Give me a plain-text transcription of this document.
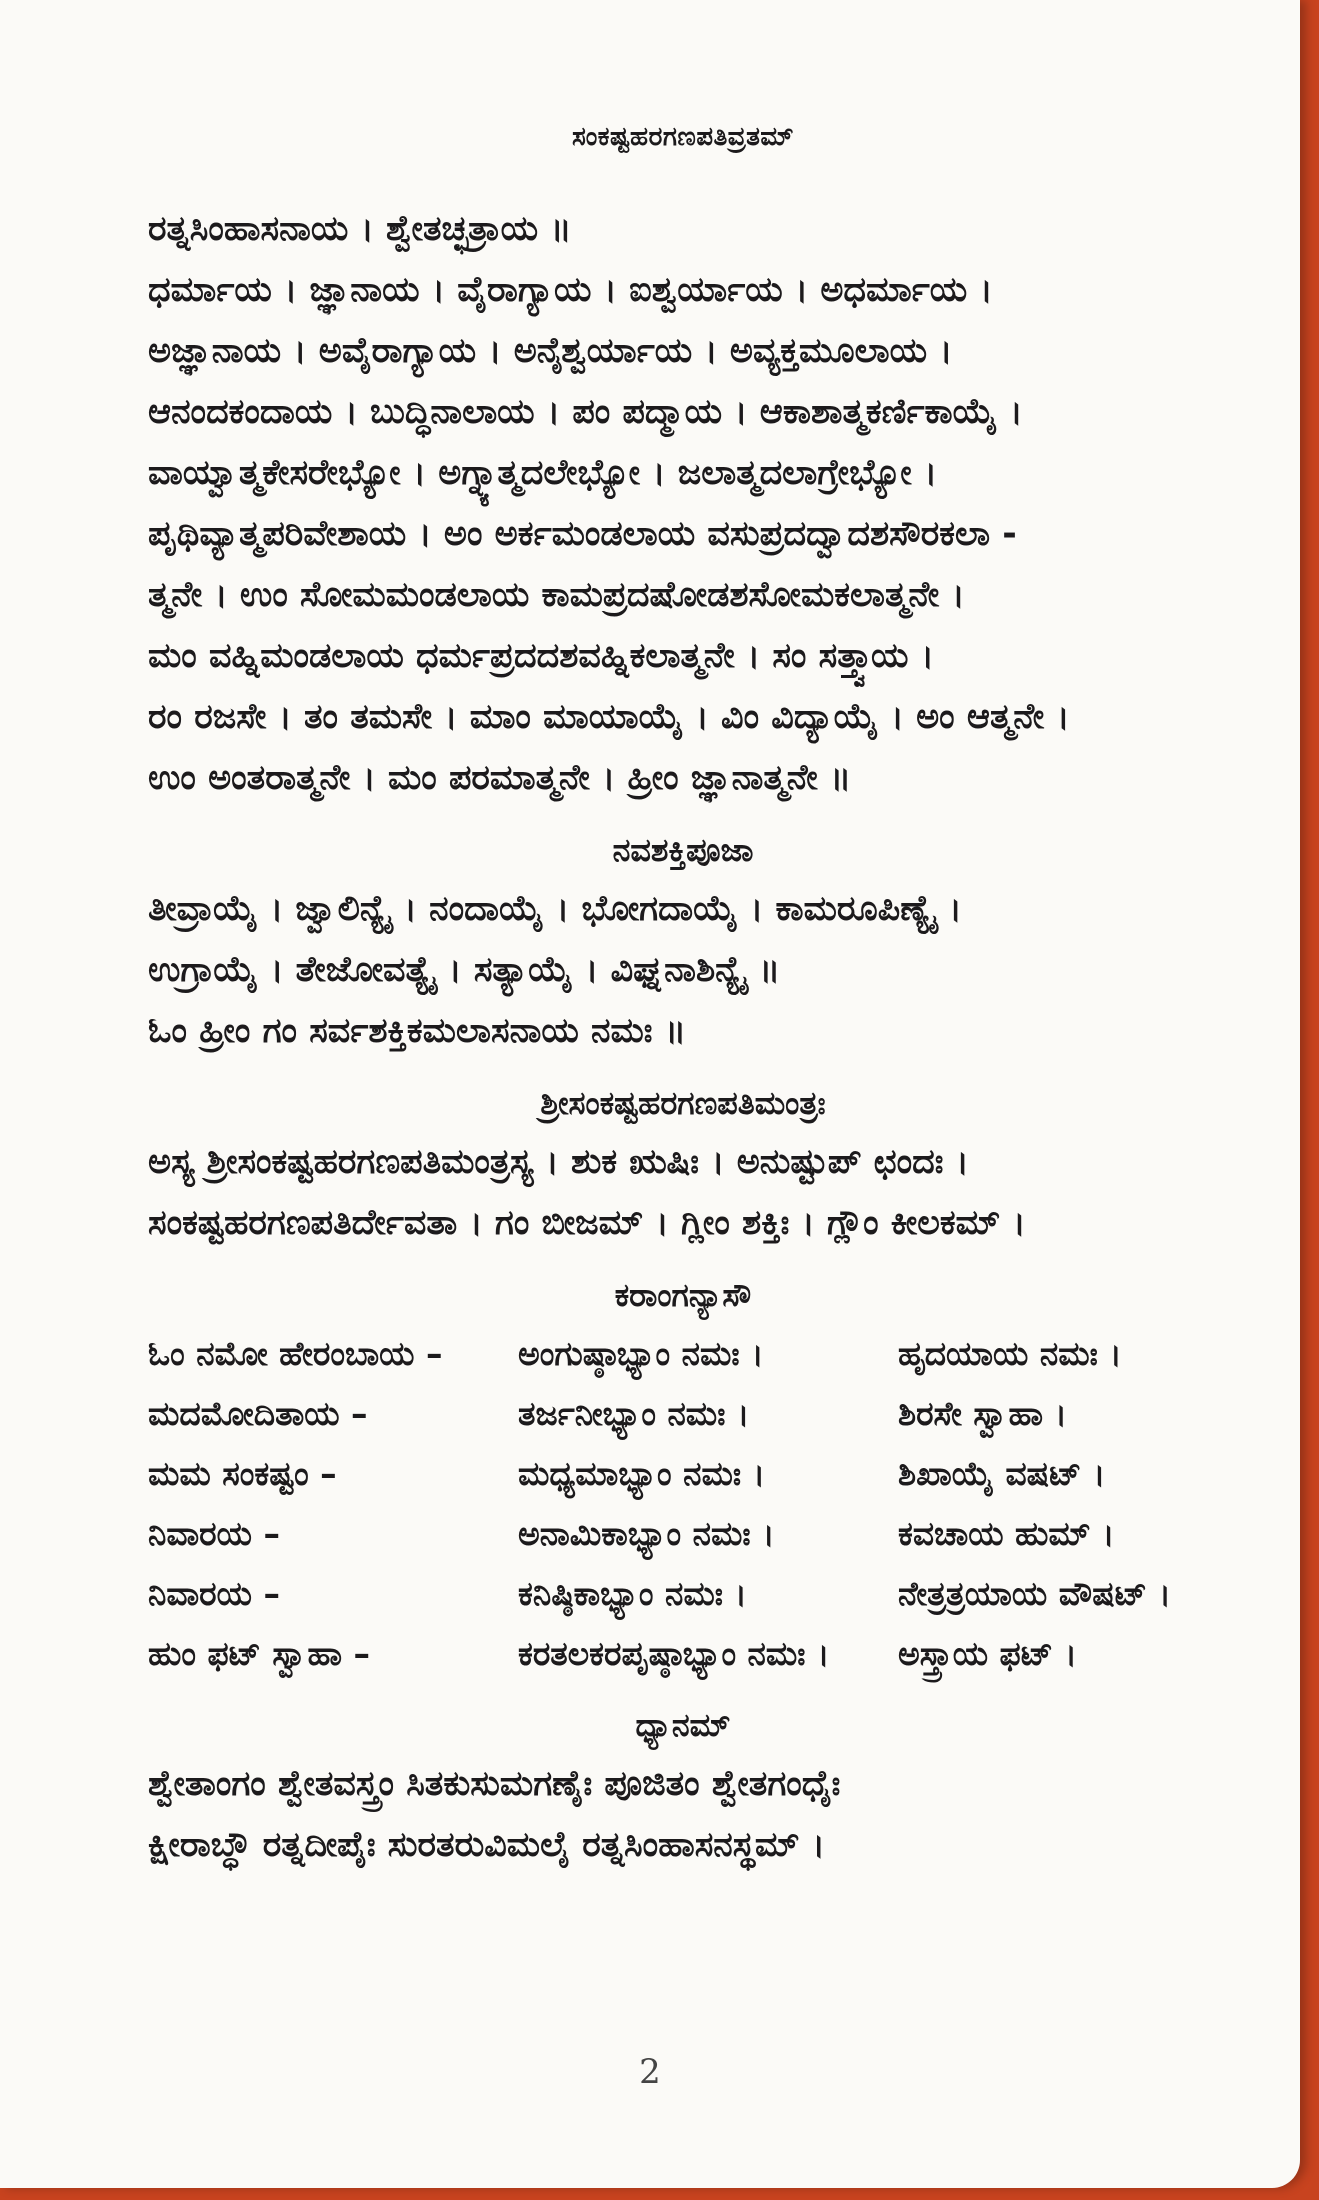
ಸಂಕಷ್ಟಹರಗಣಪತಿವ್ರತಮ್
ರತ್ನಸಿಂಹಾಸನಾಯ । ಶ್ವೇತಚ್ಛತ್ರಾಯ ॥
ಧರ್ಮಾಯ । ಜ್ಞಾನಾಯ । ವೈರಾಗ್ಯಾಯ । ಐಶ್ವರ್ಯಾಯ । ಅಧರ್ಮಾಯ ।
ಅಜ್ಞಾನಾಯ । ಅವೈರಾಗ್ಯಾಯ । ಅನೈಶ್ವರ್ಯಾಯ । ಅವ್ಯಕ್ತಮೂಲಾಯ ।
ಆನಂದಕಂದಾಯ । ಬುದ್ಧಿನಾಲಾಯ । ಪಂ ಪದ್ಮಾಯ । ಆಕಾಶಾತ್ಮಕರ್ಣಿಕಾಯೈ ।
ವಾಯ್ವಾತ್ಮಕೇಸರೇಭ್ಯೋ । ಅಗ್ನ್ಯಾತ್ಮದಲೇಭ್ಯೋ । ಜಲಾತ್ಮದಲಾಗ್ರೇಭ್ಯೋ ।
ಪೃಥಿವ್ಯಾತ್ಮಪರಿವೇಶಾಯ । ಅಂ ಅರ್ಕಮಂಡಲಾಯ ವಸುಪ್ರದದ್ವಾದಶಸೌರಕಲಾ -
ತ್ಮನೇ । ಉಂ ಸೋಮಮಂಡಲಾಯ ಕಾಮಪ್ರದಷೋಡಶಸೋಮಕಲಾತ್ಮನೇ ।
ಮಂ ವಹ್ನಿಮಂಡಲಾಯ ಧರ್ಮಪ್ರದದಶವಹ್ನಿಕಲಾತ್ಮನೇ । ಸಂ ಸತ್ತ್ವಾಯ ।
ರಂ ರಜಸೇ । ತಂ ತಮಸೇ । ಮಾಂ ಮಾಯಾಯೈ । ವಿಂ ವಿದ್ಯಾಯೈ । ಅಂ ಆತ್ಮನೇ ।
ಉಂ ಅಂತರಾತ್ಮನೇ । ಮಂ ಪರಮಾತ್ಮನೇ । ಹ್ರೀಂ ಜ್ಞಾನಾತ್ಮನೇ ॥
ನವಶಕ್ತಿಪೂಜಾ
ತೀವ್ರಾಯೈ । ಜ್ವಾಲಿನ್ಯೈ । ನಂದಾಯೈ । ಭೋಗದಾಯೈ । ಕಾಮರೂಪಿಣ್ಯೈ ।
ಉಗ್ರಾಯೈ । ತೇಜೋವತ್ಯೈ । ಸತ್ಯಾಯೈ । ವಿಘ್ನನಾಶಿನ್ಯೈ ॥
ಓಂ ಹ್ರೀಂ ಗಂ ಸರ್ವಶಕ್ತಿಕಮಲಾಸನಾಯ ನಮಃ ॥
ಶ್ರೀಸಂಕಷ್ಟಹರಗಣಪತಿಮಂತ್ರಃ
ಅಸ್ಯ ಶ್ರೀಸಂಕಷ್ಟಹರಗಣಪತಿಮಂತ್ರಸ್ಯ । ಶುಕ ಋಷಿಃ । ಅನುಷ್ಟುಪ್ ಛಂದಃ ।
ಸಂಕಷ್ಟಹರಗಣಪತಿರ್ದೇವತಾ । ಗಂ ಬೀಜಮ್ । ಗ್ಲೀಂ ಶಕ್ತಿಃ । ಗ್ಲೌಂ ಕೀಲಕಮ್ ।
ಕರಾಂಗನ್ಯಾಸೌ
ಓಂ ನಮೋ ಹೇರಂಬಾಯ –	ಅಂಗುಷ್ಠಾಭ್ಯಾಂ ನಮಃ ।	ಹೃದಯಾಯ ನಮಃ ।
ಮದಮೋದಿತಾಯ –	ತರ್ಜನೀಭ್ಯಾಂ ನಮಃ ।	ಶಿರಸೇ ಸ್ವಾಹಾ ।
ಮಮ ಸಂಕಷ್ಟಂ –	ಮಧ್ಯಮಾಭ್ಯಾಂ ನಮಃ ।	ಶಿಖಾಯೈ ವಷಟ್ ।
ನಿವಾರಯ –	ಅನಾಮಿಕಾಭ್ಯಾಂ ನಮಃ ।	ಕವಚಾಯ ಹುಮ್ ।
ನಿವಾರಯ –	ಕನಿಷ್ಠಿಕಾಭ್ಯಾಂ ನಮಃ ।	ನೇತ್ರತ್ರಯಾಯ ವೌಷಟ್ ।
ಹುಂ ಫಟ್ ಸ್ವಾಹಾ –	ಕರತಲಕರಪೃಷ್ಠಾಭ್ಯಾಂ ನಮಃ ।	ಅಸ್ತ್ರಾಯ ಫಟ್ ।
ಧ್ಯಾನಮ್
ಶ್ವೇತಾಂಗಂ ಶ್ವೇತವಸ್ತ್ರಂ ಸಿತಕುಸುಮಗಣೈಃ ಪೂಜಿತಂ ಶ್ವೇತಗಂಧೈಃ
ಕ್ಷೀರಾಬ್ಧೌ ರತ್ನದೀಪೈಃ ಸುರತರುವಿಮಲೈ ರತ್ನಸಿಂಹಾಸನಸ್ಥಮ್ ।
2
